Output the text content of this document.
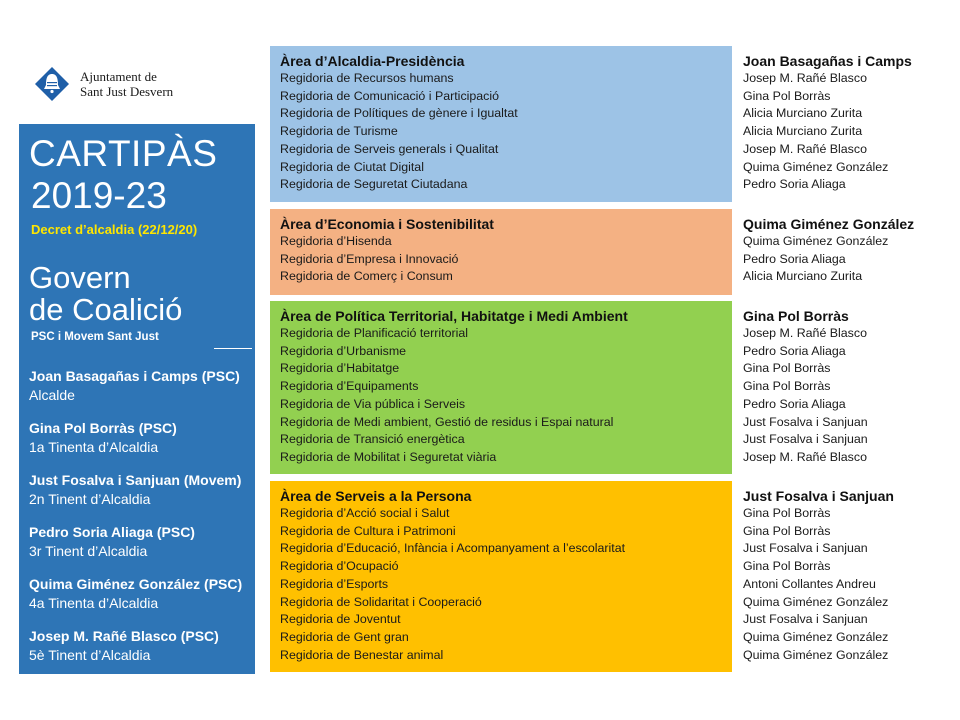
Ajuntament de
Sant Just Desvern
CARTIPÀS
2019-23
Decret d’alcaldia (22/12/20)
Govern
de Coalició
PSC i Movem Sant Just
Joan Basagañas i Camps (PSC)
Alcalde
Gina Pol Borràs (PSC)
1a Tinenta d’Alcaldia
Just Fosalva i Sanjuan (Movem)
2n Tinent d’Alcaldia
Pedro Soria Aliaga (PSC)
3r Tinent d’Alcaldia
Quima Giménez González (PSC)
4a Tinenta d’Alcaldia
Josep M. Rañé Blasco (PSC)
5è Tinent d’Alcaldia
Àrea d’Alcaldia-Presidència
Regidoria de Recursos humans
Regidoria de Comunicació i Participació
Regidoria de Polítiques de gènere i Igualtat
Regidoria de Turisme
Regidoria de Serveis generals i Qualitat
Regidoria de Ciutat Digital
Regidoria de Seguretat Ciutadana
Joan Basagañas i Camps
Josep M. Rañé Blasco
Gina Pol Borràs
Alicia Murciano Zurita
Alicia Murciano Zurita
Josep M. Rañé Blasco
Quima Giménez González
Pedro Soria Aliaga
Àrea d’Economia i Sostenibilitat
Regidoria d’Hisenda
Regidoria d’Empresa i Innovació
Regidoria de Comerç i Consum
Quima Giménez González
Quima Giménez González
Pedro Soria Aliaga
Alicia Murciano Zurita
Àrea de Política Territorial, Habitatge i Medi Ambient
Regidoria de Planificació territorial
Regidoria d’Urbanisme
Regidoria d’Habitatge
Regidoria d’Equipaments
Regidoria de Via pública i Serveis
Regidoria de Medi ambient, Gestió de residus i Espai natural
Regidoria de Transició energètica
Regidoria de Mobilitat i Seguretat viària
Gina Pol Borràs
Josep M. Rañé Blasco
Pedro Soria Aliaga
Gina Pol Borràs
Gina Pol Borràs
Pedro Soria Aliaga
Just Fosalva i Sanjuan
Just Fosalva i Sanjuan
Josep M. Rañé Blasco
Àrea de Serveis a la Persona
Regidoria d’Acció social i Salut
Regidoria de Cultura i Patrimoni
Regidoria d’Educació, Infància i Acompanyament a l’escolaritat
Regidoria d’Ocupació
Regidoria d’Esports
Regidoria de Solidaritat i Cooperació
Regidoria de Joventut
Regidoria de Gent gran
Regidoria de Benestar animal
Just Fosalva i Sanjuan
Gina Pol Borràs
Gina Pol Borràs
Just Fosalva i Sanjuan
Gina Pol Borràs
Antoni Collantes Andreu
Quima Giménez González
Just Fosalva i Sanjuan
Quima Giménez González
Quima Giménez González
